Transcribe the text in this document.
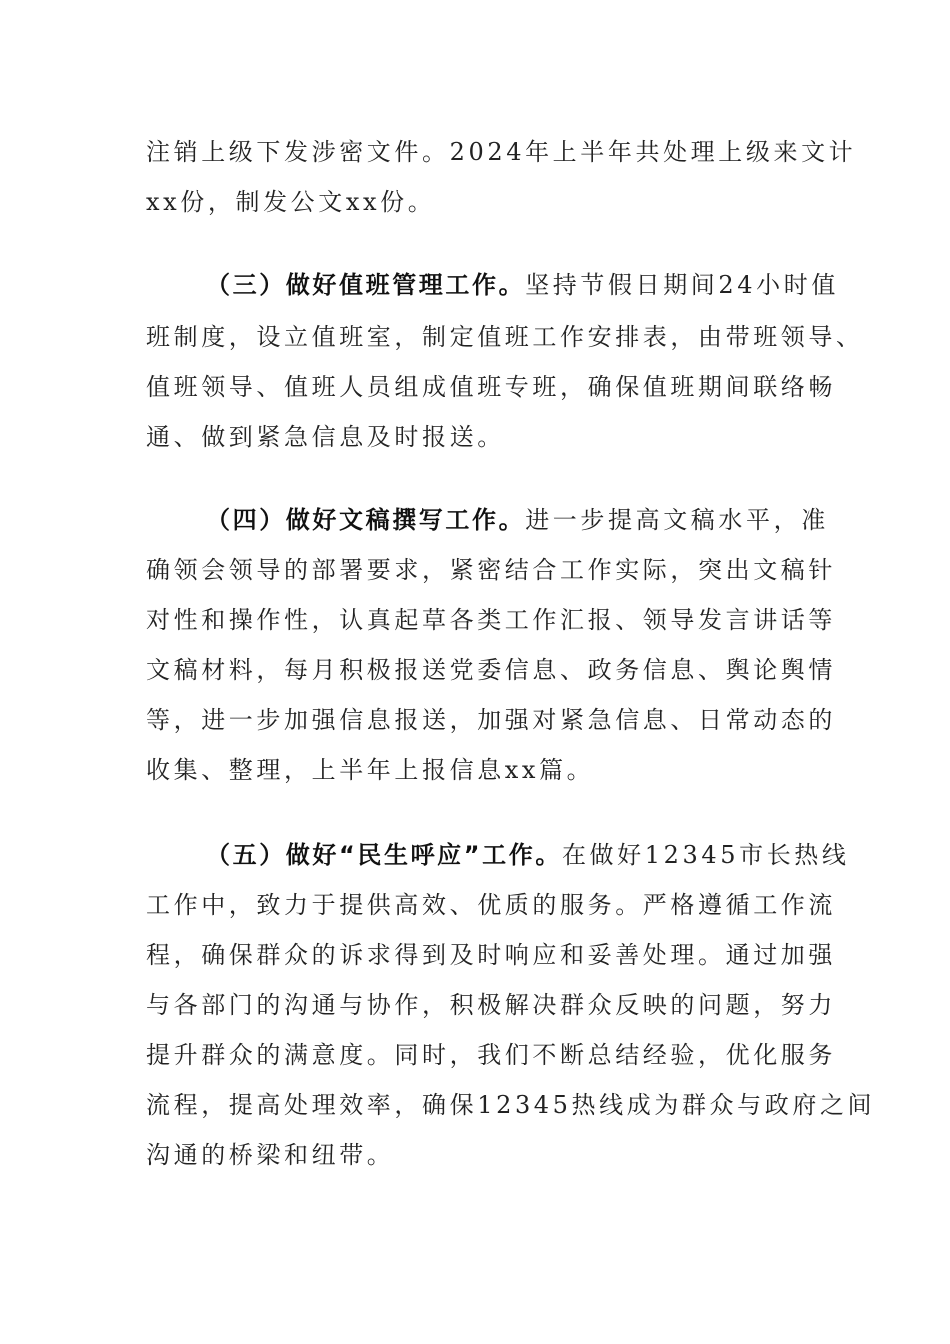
注销上级下发涉密文件。2024年上半年共处理上级来文计
xx份，制发公文xx份。
（三）做好值班管理工作。坚持节假日期间24小时值
班制度，设立值班室，制定值班工作安排表，由带班领导、
值班领导、值班人员组成值班专班，确保值班期间联络畅
通、做到紧急信息及时报送。
（四）做好文稿撰写工作。进一步提高文稿水平，准
确领会领导的部署要求，紧密结合工作实际，突出文稿针
对性和操作性，认真起草各类工作汇报、领导发言讲话等
文稿材料，每月积极报送党委信息、政务信息、舆论舆情
等，进一步加强信息报送，加强对紧急信息、日常动态的
收集、整理，上半年上报信息xx篇。
（五）做好“民生呼应”工作。在做好12345市长热线
工作中，致力于提供高效、优质的服务。严格遵循工作流
程，确保群众的诉求得到及时响应和妥善处理。通过加强
与各部门的沟通与协作，积极解决群众反映的问题，努力
提升群众的满意度。同时，我们不断总结经验，优化服务
流程，提高处理效率，确保12345热线成为群众与政府之间
沟通的桥梁和纽带。
